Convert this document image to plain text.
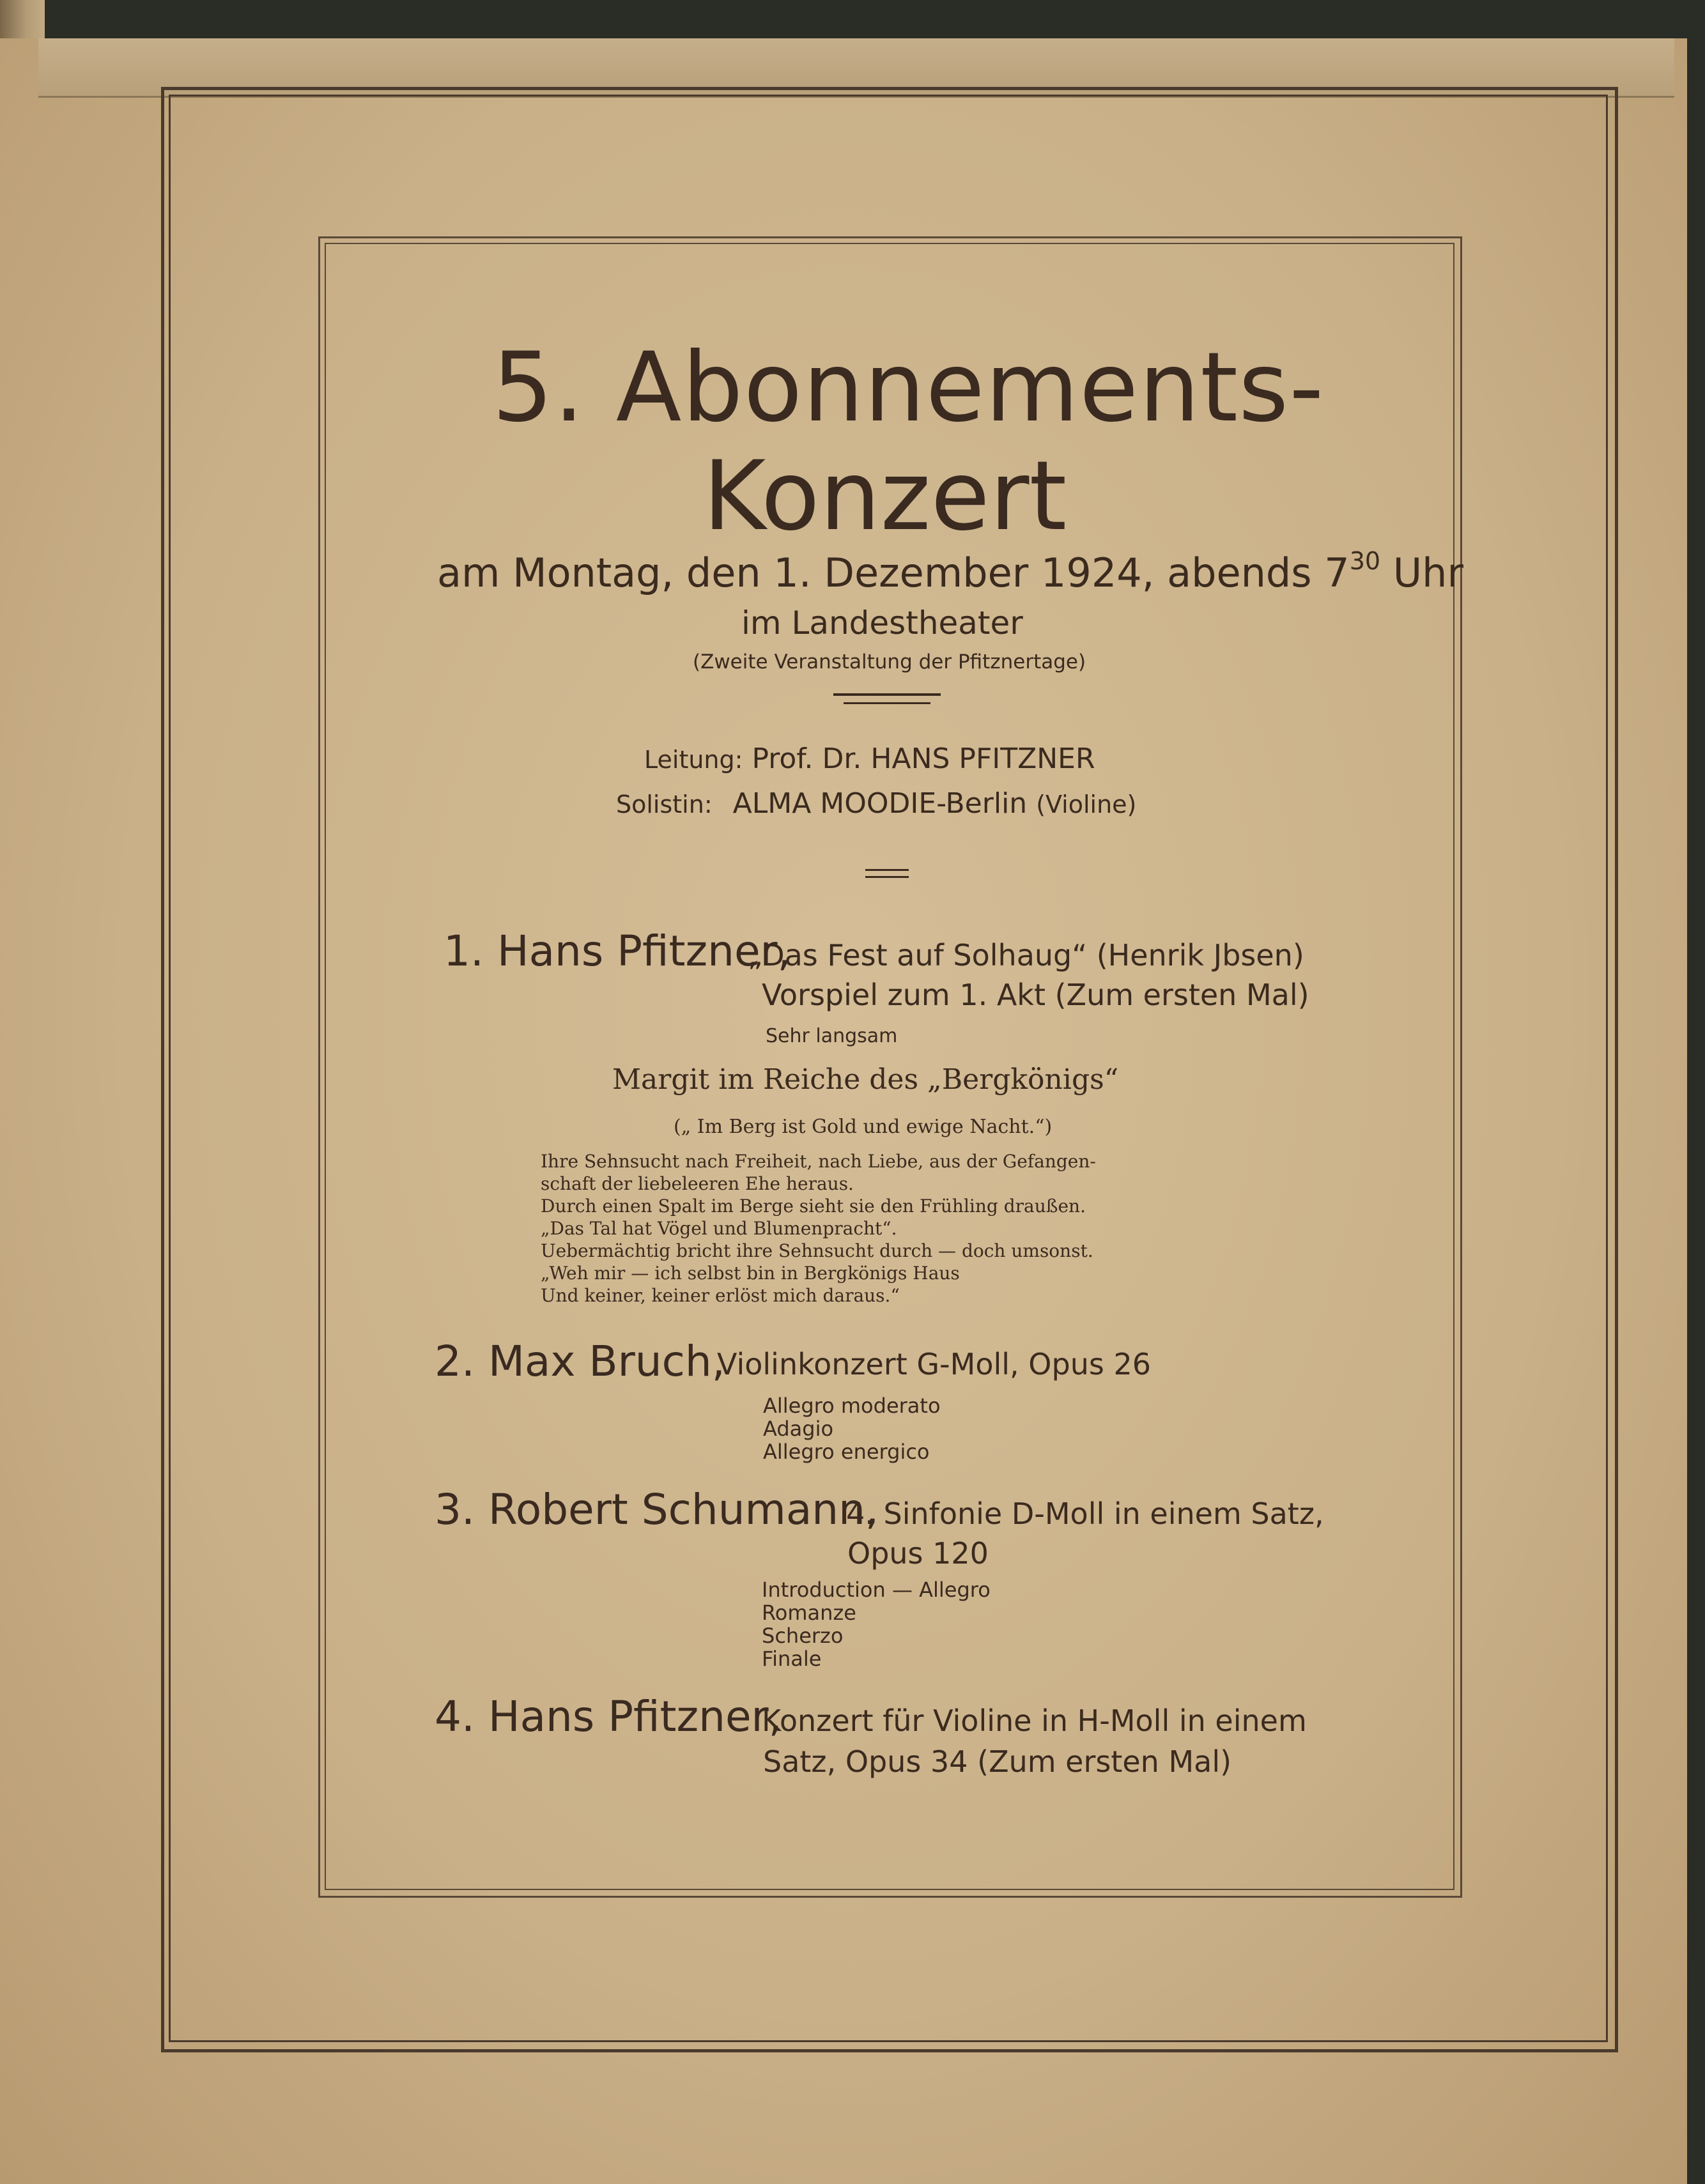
5. Abonnements-
Konzert
am Montag, den 1. Dezember 1924, abends $7^{30}$ Uhr
im Landestheater
(Zweite Veranstaltung der Pfitznertage)
Leitung: Prof. Dr. HANS PFITZNER
Solistin: ALMA MOODIE-Berlin (Violine)
1. Hans Pfitzner,
„Das Fest auf Solhaug“ (Henrik Jbsen)
Vorspiel zum 1. Akt (Zum ersten Mal)
Sehr langsam
Margit im Reiche des „Bergkönigs“
(„ Im Berg ist Gold und ewige Nacht.“)
Ihre Sehnsucht nach Freiheit, nach Liebe, aus der Gefangen-
schaft der liebeleeren Ehe heraus.
Durch einen Spalt im Berge sieht sie den Frühling draußen.
„Das Tal hat Vögel und Blumenpracht“.
Uebermächtig bricht ihre Sehnsucht durch — doch umsonst.
„Weh mir — ich selbst bin in Bergkönigs Haus
Und keiner, keiner erlöst mich daraus.“
2. Max Bruch,
Violinkonzert G-Moll, Opus 26
Allegro moderato
Adagio
Allegro energico
3. Robert Schumann,
4. Sinfonie D-Moll in einem Satz,
Opus 120
Introduction — Allegro
Romanze
Scherzo
Finale
4. Hans Pfitzner,
Konzert für Violine in H-Moll in einem
Satz, Opus 34 (Zum ersten Mal)
